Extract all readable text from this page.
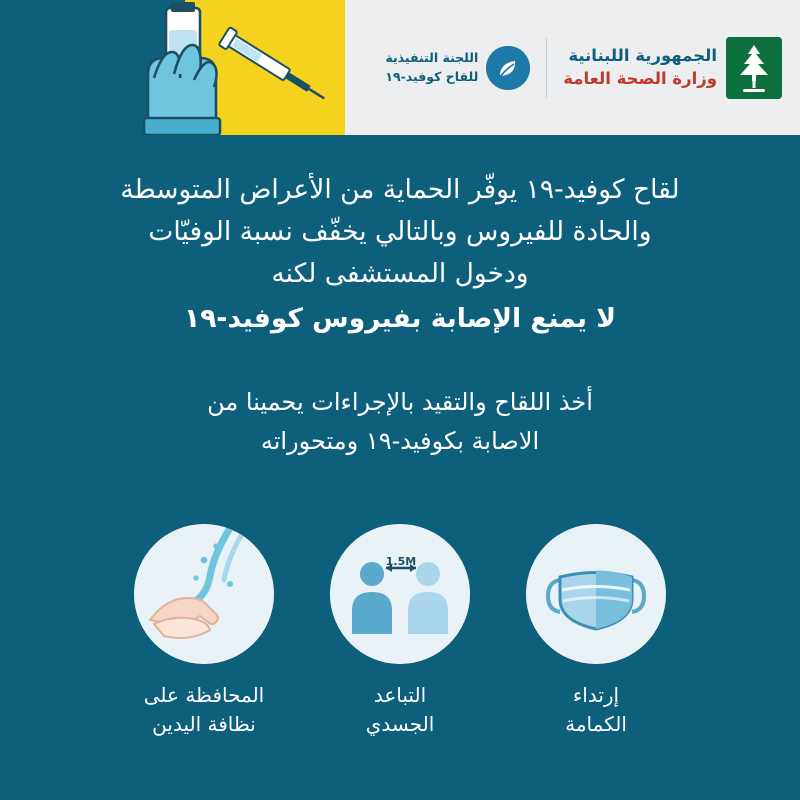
الجمهورية اللبنانية
وزارة الصحة العامة
اللجنة التنفيذية
للقاح كوفيد-١٩
لقاح كوفيد-١٩ يوفّر الحماية من الأعراض المتوسطة
والحادة للفيروس وبالتالي يخفّف نسبة الوفيّات
ودخول المستشفى لكنه
لا يمنع الإصابة بفيروس كوفيد-١٩
أخذ اللقاح والتقيد بالإجراءات يحمينا من
الاصابة بكوفيد-١٩ ومتحوراته
إرتداء
الكمامة
1.5M
التباعد
الجسدي
المحافظة على
نظافة اليدين
